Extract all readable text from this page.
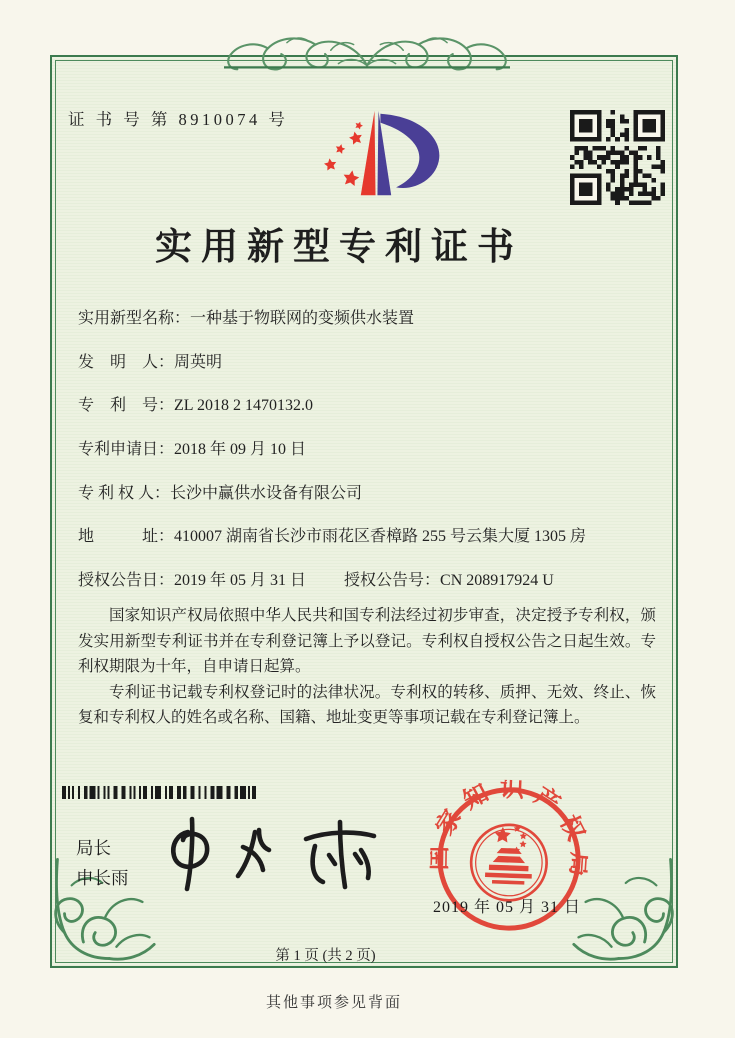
证 书 号 第 8910074 号
实用新型专利证书
实用新型名称：一种基于物联网的变频供水装置
发　明　人：周英明
专　利　号：ZL 2018 2 1470132.0
专利申请日：2018 年 09 月 10 日
专 利 权 人：长沙中赢供水设备有限公司
地　　　址：410007 湖南省长沙市雨花区香樟路 255 号云集大厦 1305 房
授权公告日：2019 年 05 月 31 日 授权公告号：CN 208917924 U

国家知识产权局依照中华人民共和国专利法经过初步审查，决定授予专利权，颁发实用新型专利证书并在专利登记簿上予以登记。专利权自授权公告之日起生效。专利权期限为十年，自申请日起算。

专利证书记载专利权登记时的法律状况。专利权的转移、质押、无效、终止、恢复和专利权人的姓名或名称、国籍、地址变更等事项记载在专利登记簿上。

局长
申长雨
国家知识产权局
2019 年 05 月 31 日
第 1 页 (共 2 页)
其他事项参见背面
